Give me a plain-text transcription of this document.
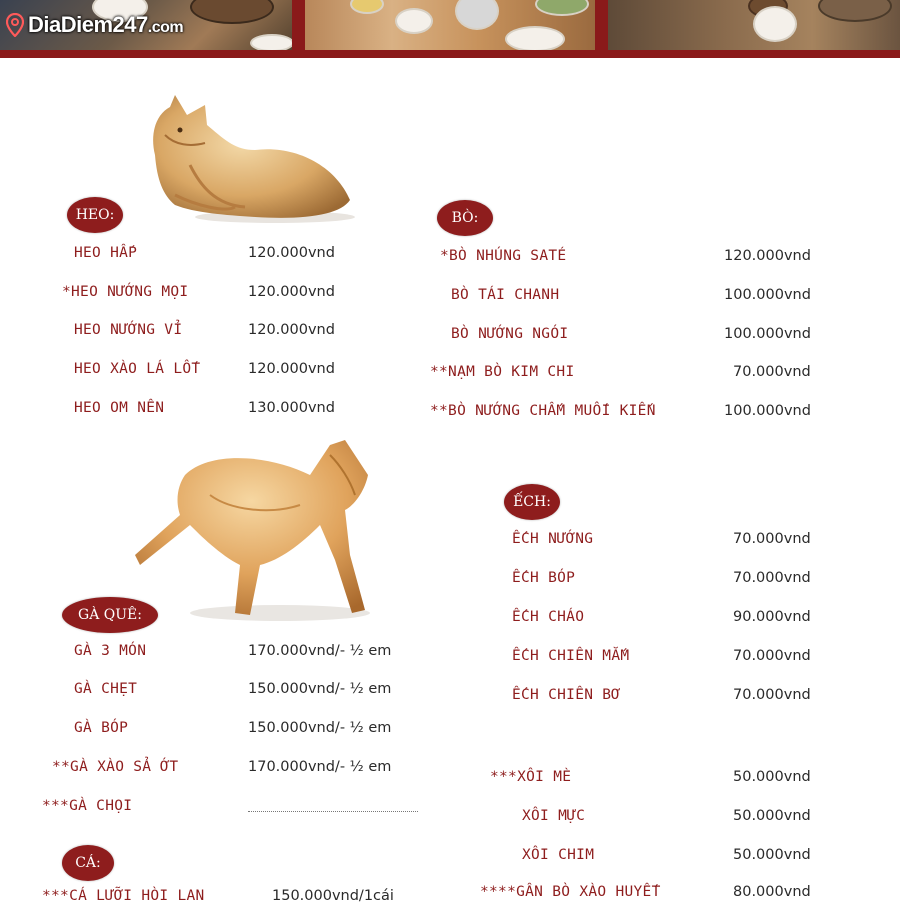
DiaDiem247.com
HEO:
HEO HẤP	120.000vnd
*HEO NƯỚNG MỌI	120.000vnd
HEO NƯỚNG VỈ	120.000vnd
HEO XÀO LÁ LỐT	120.000vnd
HEO OM NÊN	130.000vnd
BÒ:
*BÒ NHÚNG SATÉ	120.000vnd
BÒ TÁI CHANH	100.000vnd
BÒ NƯỚNG NGÓI	100.000vnd
**NẠM BÒ KIM CHI	70.000vnd
**BÒ NƯỚNG CHẤM MUỐI KIẾN	100.000vnd
ẾCH:
ẾCH NƯỚNG	70.000vnd
ẾCH BÓP	70.000vnd
ẾCH CHÁO	90.000vnd
ẾCH CHIÊN MẮM	70.000vnd
ẾCH CHIÊN BƠ	70.000vnd
GÀ QUÊ:
GÀ 3 MÓN	170.000vnd/- ½ em
GÀ CHẸT	150.000vnd/- ½ em
GÀ BÓP	150.000vnd/- ½ em
**GÀ XÀO SẢ ỚT	170.000vnd/- ½ em
***GÀ CHỌI
***XÔI MÈ	50.000vnd
XÔI MỰC	50.000vnd
XÔI CHIM	50.000vnd
****GÂN BÒ XÀO HUYẾT	80.000vnd
CÁ:
***CÁ LƯỠI HÒI LAN	150.000vnd/1cái
